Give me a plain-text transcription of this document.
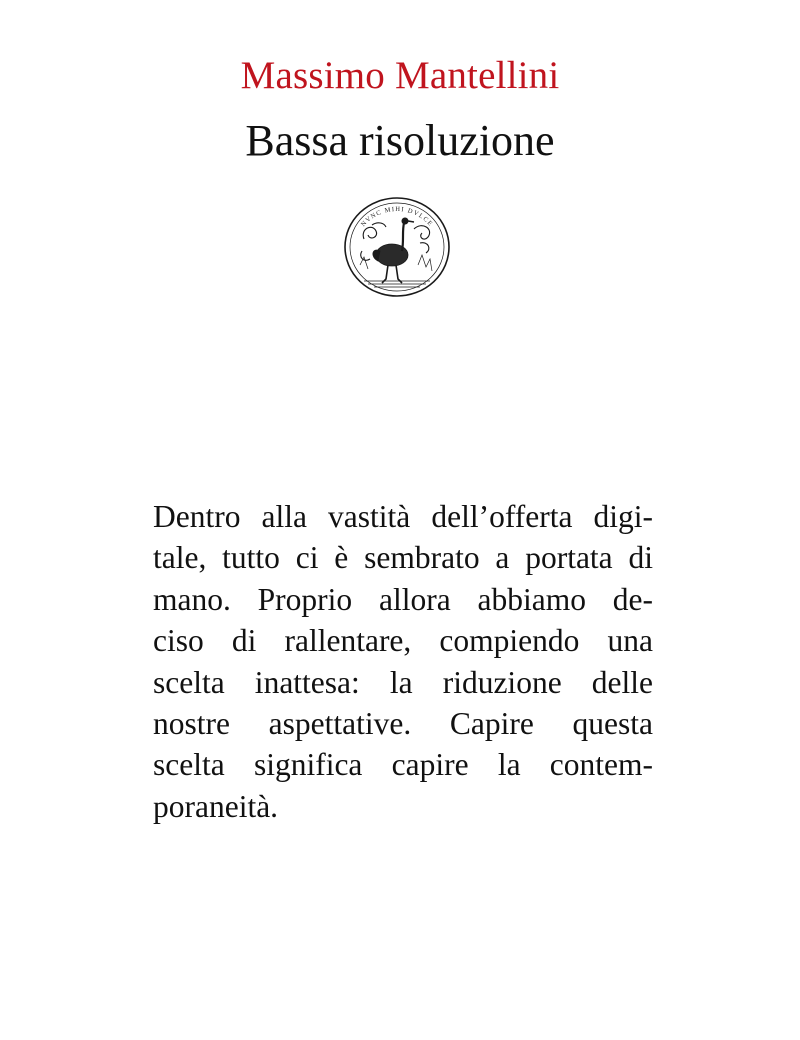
Massimo Mantellini
Bassa risoluzione
NVNC MIHI DVLCE
Dentro alla vastità dell’offerta digi-
tale, tutto ci è sembrato a portata di
mano. Proprio allora abbiamo de-
ciso di rallentare, compiendo una
scelta inattesa: la riduzione delle
nostre aspettative. Capire questa
scelta significa capire la contem-
poraneità.
